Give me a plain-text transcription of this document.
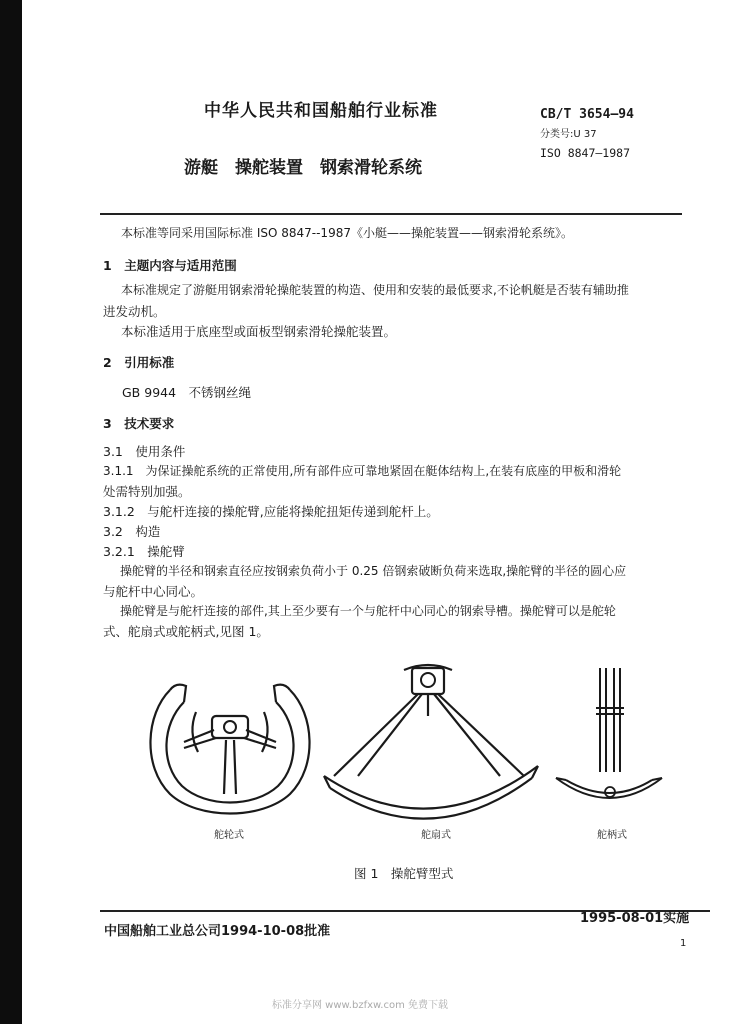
中华人民共和国船舶行业标准
游艇　操舵装置　钢索滑轮系统
CB/T 3654—94
分类号:U 37
ISO 8847—1987
本标准等同采用国际标准 ISO 8847--1987《小艇——操舵装置——钢索滑轮系统》。
1　主题内容与适用范围
本标准规定了游艇用钢索滑轮操舵装置的构造、使用和安装的最低要求,不论帆艇是否装有辅助推
进发动机。
本标准适用于底座型或面板型钢索滑轮操舵装置。
2　引用标准
GB 9944　不锈钢丝绳
3　技术要求
3.1　使用条件
3.1.1　为保证操舵系统的正常使用,所有部件应可靠地紧固在艇体结构上,在装有底座的甲板和滑轮
处需特别加强。
3.1.2　与舵杆连接的操舵臂,应能将操舵扭矩传递到舵杆上。
3.2　构造
3.2.1　操舵臂
操舵臂的半径和钢索直径应按钢索负荷小于 0.25 倍钢索破断负荷来选取,操舵臂的半径的圆心应
与舵杆中心同心。
操舵臂是与舵杆连接的部件,其上至少要有一个与舵杆中心同心的钢索导槽。操舵臂可以是舵轮
式、舵扇式或舵柄式,见图 1。
舵轮式	舵扇式	舵柄式
图 1　操舵臂型式
中国船舶工业总公司1994-10-08批准
1995-08-01实施
1
标准分享网 www.bzfxw.com 免费下载
